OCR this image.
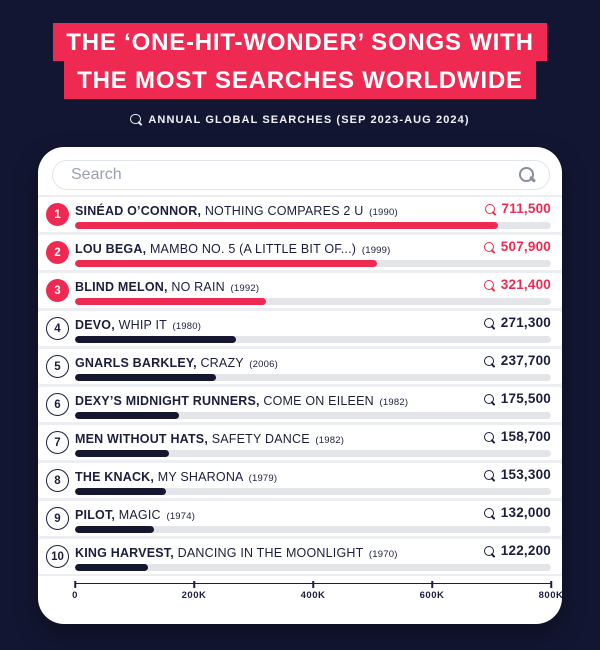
THE ‘ONE-HIT-WONDER’ SONGS WITH
THE MOST SEARCHES WORLDWIDE
ANNUAL GLOBAL SEARCHES (SEP 2023-AUG 2024)
Search
1	SINÉAD O’CONNOR, NOTHING COMPARES 2 U (1990)	711,500
2	LOU BEGA, MAMBO NO. 5 (A LITTLE BIT OF...) (1999)	507,900
3	BLIND MELON, NO RAIN (1992)	321,400
4	DEVO, WHIP IT (1980)	271,300
5	GNARLS BARKLEY, CRAZY (2006)	237,700
6	DEXY’S MIDNIGHT RUNNERS, COME ON EILEEN (1982)	175,500
7	MEN WITHOUT HATS, SAFETY DANCE (1982)	158,700
8	THE KNACK, MY SHARONA (1979)	153,300
9	PILOT, MAGIC (1974)	132,000
10 KING HARVEST, DANCING IN THE MOONLIGHT (1970)	122,200
0	200K	400K	600K	800K
